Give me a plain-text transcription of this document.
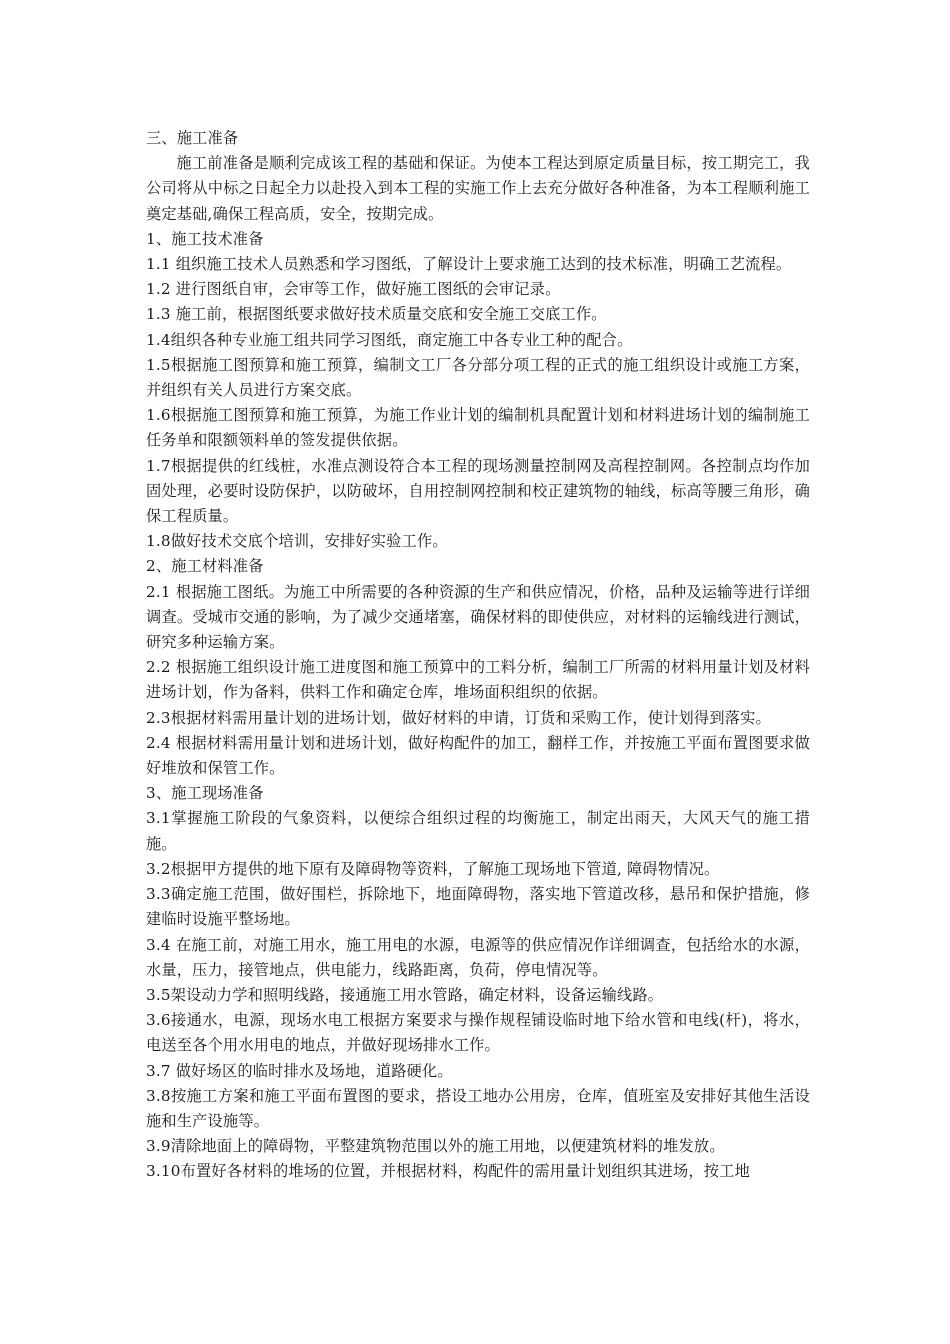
三、施工准备

施工前准备是顺利完成该工程的基础和保证。为使本工程达到原定质量目标，按工期完工，我公司将从中标之日起全力以赴投入到本工程的实施工作上去充分做好各种准备，为本工程顺利施工奠定基础,确保工程高质，安全，按期完成。

1、施工技术准备

1.1 组织施工技术人员熟悉和学习图纸，了解设计上要求施工达到的技术标准，明确工艺流程。

1.2 进行图纸自审，会审等工作，做好施工图纸的会审记录。

1.3 施工前，根据图纸要求做好技术质量交底和安全施工交底工作。

1.4组织各种专业施工组共同学习图纸，商定施工中各专业工种的配合。

1.5根据施工图预算和施工预算，编制文工厂各分部分项工程的正式的施工组织设计或施工方案，并组织有关人员进行方案交底。

1.6根据施工图预算和施工预算，为施工作业计划的编制机具配置计划和材料进场计划的编制施工任务单和限额领料单的签发提供依据。

1.7根据提供的红线桩，水准点测设符合本工程的现场测量控制网及高程控制网。各控制点均作加固处理，必要时设防保护，以防破坏，自用控制网控制和校正建筑物的轴线，标高等腰三角形，确保工程质量。

1.8做好技术交底个培训，安排好实验工作。

2、施工材料准备

2.1 根据施工图纸。为施工中所需要的各种资源的生产和供应情况，价格，品种及运输等进行详细调查。受城市交通的影响，为了减少交通堵塞，确保材料的即使供应，对材料的运输线进行测试，研究多种运输方案。

2.2 根据施工组织设计施工进度图和施工预算中的工料分析，编制工厂所需的材料用量计划及材料进场计划，作为备料，供料工作和确定仓库，堆场面积组织的依据。

2.3根据材料需用量计划的进场计划，做好材料的申请，订货和采购工作，使计划得到落实。

2.4 根据材料需用量计划和进场计划，做好构配件的加工，翻样工作，并按施工平面布置图要求做好堆放和保管工作。

3、施工现场准备

3.1掌握施工阶段的气象资料，以便综合组织过程的均衡施工，制定出雨天，大风天气的施工措施。

3.2根据甲方提供的地下原有及障碍物等资料，了解施工现场地下管道, 障碍物情况。

3.3确定施工范围，做好围栏，拆除地下，地面障碍物，落实地下管道改移，悬吊和保护措施，修建临时设施平整场地。

3.4 在施工前，对施工用水，施工用电的水源，电源等的供应情况作详细调查，包括给水的水源，水量，压力，接管地点，供电能力，线路距离，负荷，停电情况等。

3.5架设动力学和照明线路，接通施工用水管路，确定材料，设备运输线路。

3.6接通水，电源，现场水电工根据方案要求与操作规程铺设临时地下给水管和电线(杆)，将水，电送至各个用水用电的地点，并做好现场排水工作。

3.7 做好场区的临时排水及场地，道路硬化。

3.8按施工方案和施工平面布置图的要求，搭设工地办公用房，仓库，值班室及安排好其他生活设施和生产设施等。

3.9清除地面上的障碍物，平整建筑物范围以外的施工用地，以便建筑材料的堆发放。

3.10布置好各材料的堆场的位置，并根据材料，构配件的需用量计划组织其进场，按工地
